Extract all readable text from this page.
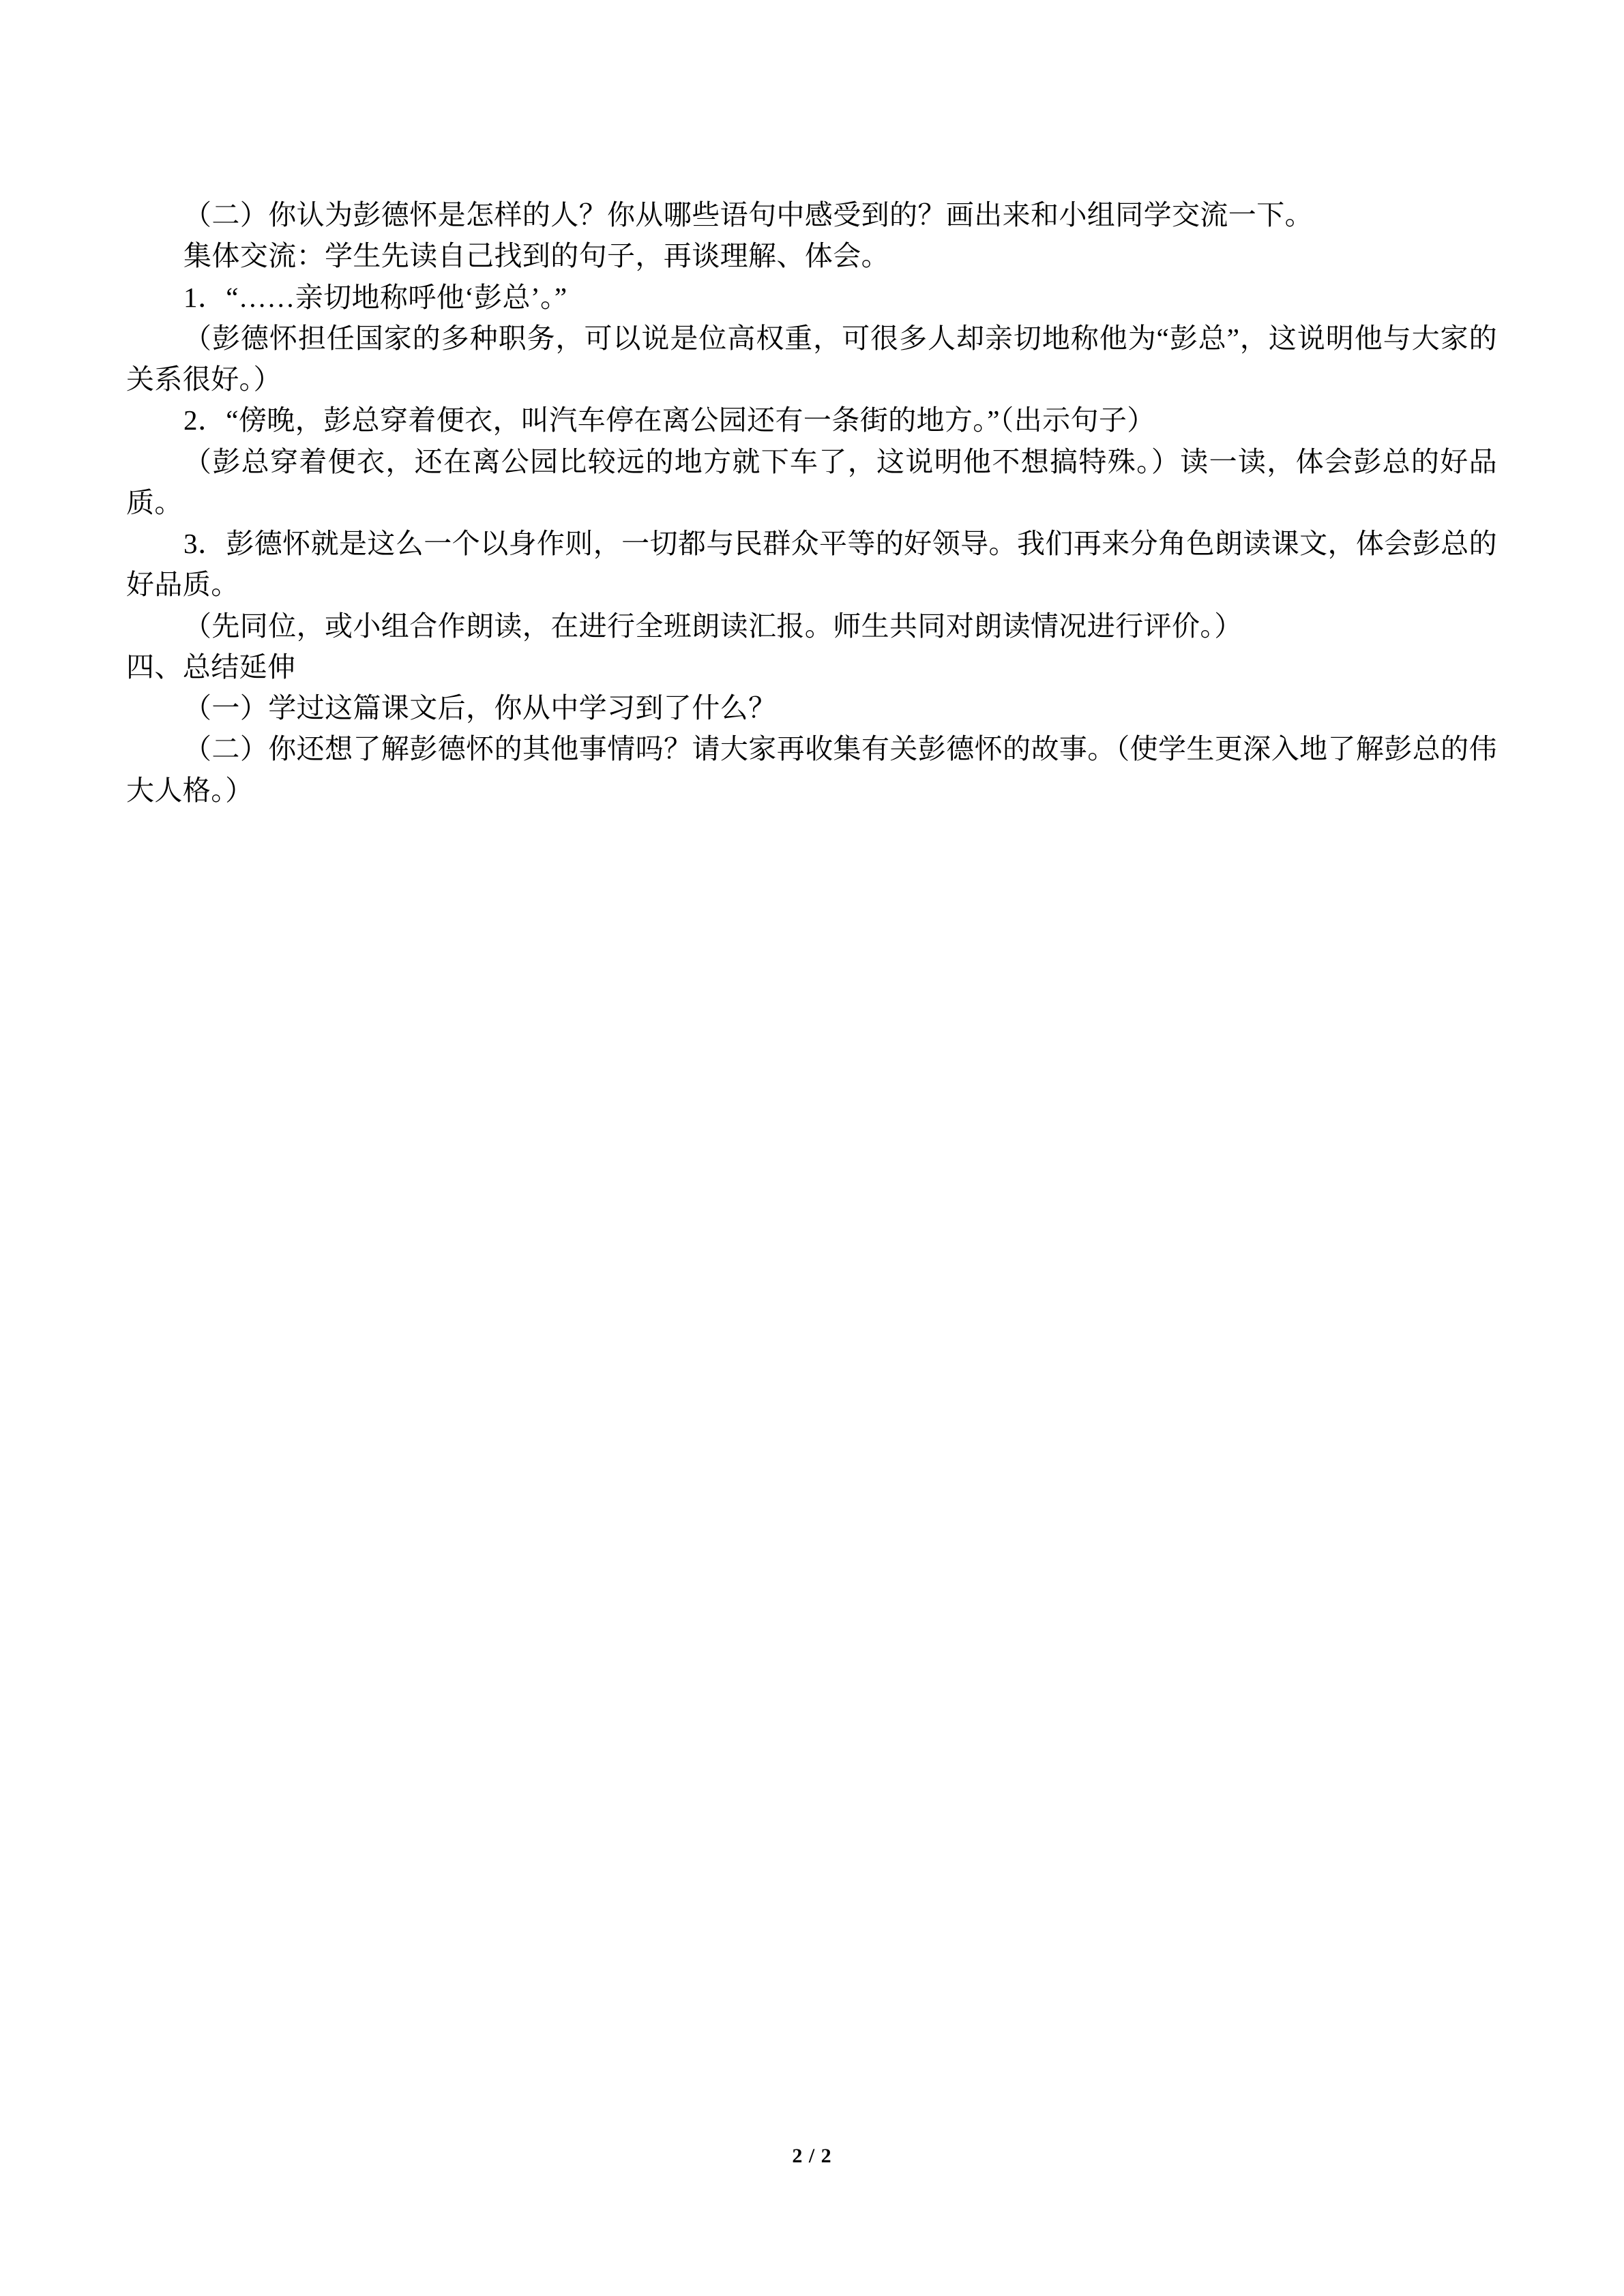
（二）你认为彭德怀是怎样的人？你从哪些语句中感受到的？画出来和小组同学交流一下。

集体交流：学生先读自己找到的句子，再谈理解、体会。

1．“……亲切地称呼他‘彭总’。”

（彭德怀担任国家的多种职务，可以说是位高权重，可很多人却亲切地称他为“彭总”，这说明他与大家的关系很好。）

2．“傍晚，彭总穿着便衣，叫汽车停在离公园还有一条街的地方。”（出示句子）

（彭总穿着便衣，还在离公园比较远的地方就下车了，这说明他不想搞特殊。）读一读，体会彭总的好品质。

3．彭德怀就是这么一个以身作则，一切都与民群众平等的好领导。我们再来分角色朗读课文，体会彭总的好品质。

（先同位，或小组合作朗读，在进行全班朗读汇报。师生共同对朗读情况进行评价。）

四、总结延伸

（一）学过这篇课文后，你从中学习到了什么？

（二）你还想了解彭德怀的其他事情吗？请大家再收集有关彭德怀的故事。（使学生更深入地了解彭总的伟大人格。）

2 / 2
